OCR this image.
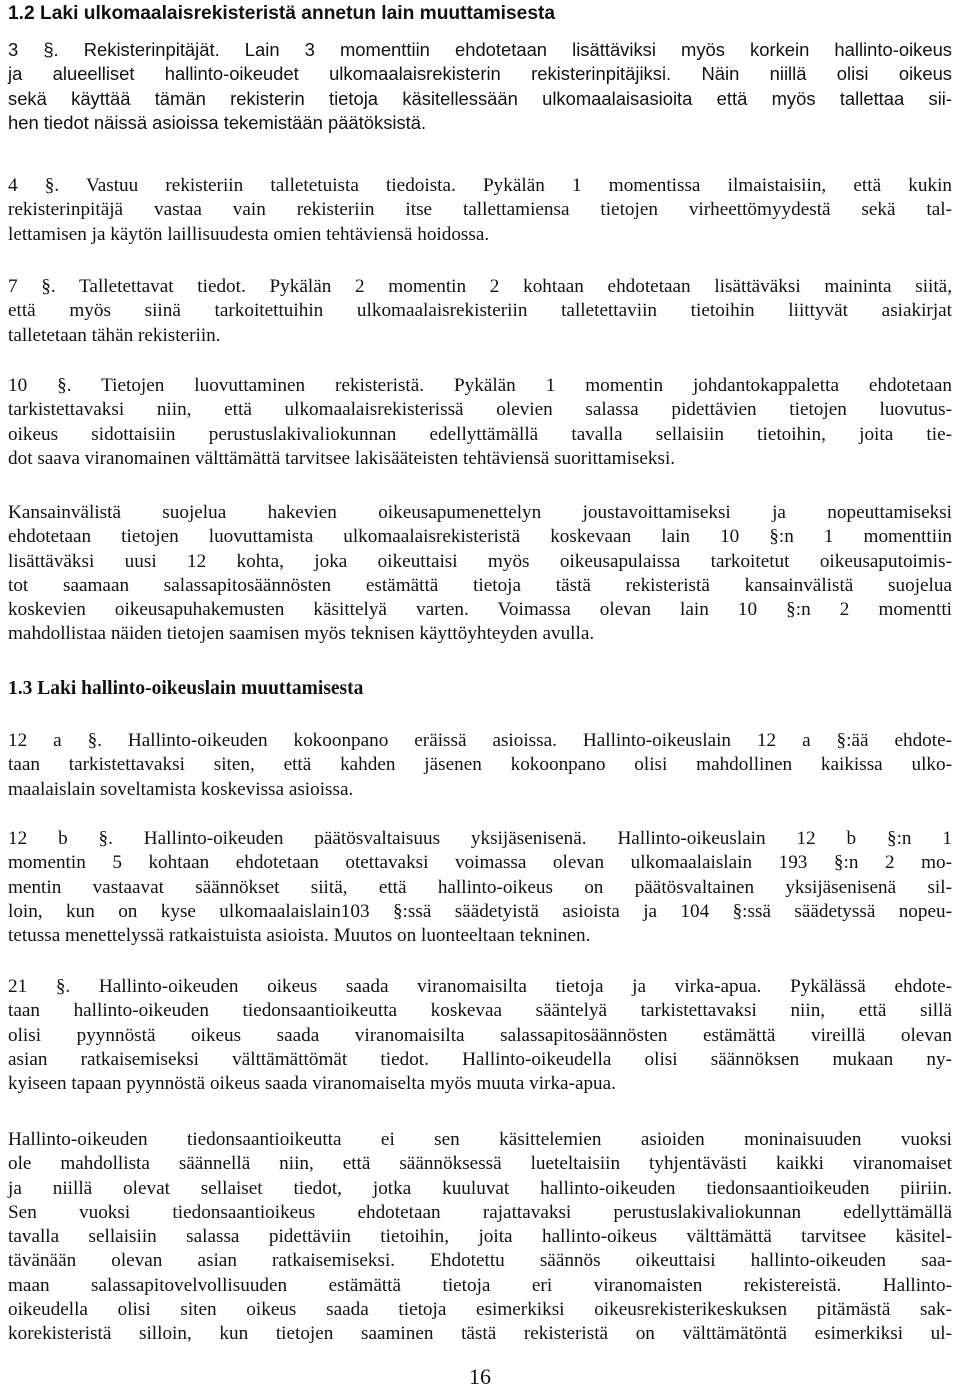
1.2 Laki ulkomaalaisrekisteristä annetun lain muuttamisesta

3 §. Rekisterinpitäjät. Lain 3 momenttiin ehdotetaan lisättäviksi myös korkein hallinto-oikeus
ja alueelliset hallinto-oikeudet ulkomaalaisrekisterin rekisterinpitäjiksi. Näin niillä olisi oikeus
sekä käyttää tämän rekisterin tietoja käsitellessään ulkomaalaisasioita että myös tallettaa sii-
hen tiedot näissä asioissa tekemistään päätöksistä.

4 §. Vastuu rekisteriin talletetuista tiedoista. Pykälän 1 momentissa ilmaistaisiin, että kukin
rekisterinpitäjä vastaa vain rekisteriin itse tallettamiensa tietojen virheettömyydestä sekä tal-
lettamisen ja käytön laillisuudesta omien tehtäviensä hoidossa.

7 §. Talletettavat tiedot. Pykälän 2 momentin 2 kohtaan ehdotetaan lisättäväksi maininta siitä,
että myös siinä tarkoitettuihin ulkomaalaisrekisteriin talletettaviin tietoihin liittyvät asiakirjat
talletetaan tähän rekisteriin.

10 §. Tietojen luovuttaminen rekisteristä. Pykälän 1 momentin johdantokappaletta ehdotetaan
tarkistettavaksi niin, että ulkomaalaisrekisterissä olevien salassa pidettävien tietojen luovutus-
oikeus sidottaisiin perustuslakivaliokunnan edellyttämällä tavalla sellaisiin tietoihin, joita tie-
dot saava viranomainen välttämättä tarvitsee lakisääteisten tehtäviensä suorittamiseksi.

Kansainvälistä suojelua hakevien oikeusapumenettelyn joustavoittamiseksi ja nopeuttamiseksi
ehdotetaan tietojen luovuttamista ulkomaalaisrekisteristä koskevaan lain 10 §:n 1 momenttiin
lisättäväksi uusi 12 kohta, joka oikeuttaisi myös oikeusapulaissa tarkoitetut oikeusaputoimis-
tot saamaan salassapitosäännösten estämättä tietoja tästä rekisteristä kansainvälistä suojelua
koskevien oikeusapuhakemusten käsittelyä varten. Voimassa olevan lain 10 §:n 2 momentti
mahdollistaa näiden tietojen saamisen myös teknisen käyttöyhteyden avulla.

1.3 Laki hallinto-oikeuslain muuttamisesta

12 a §. Hallinto-oikeuden kokoonpano eräissä asioissa. Hallinto-oikeuslain 12 a §:ää ehdote-
taan tarkistettavaksi siten, että kahden jäsenen kokoonpano olisi mahdollinen kaikissa ulko-
maalaislain soveltamista koskevissa asioissa.

12 b §. Hallinto-oikeuden päätösvaltaisuus yksijäsenisenä. Hallinto-oikeuslain 12 b §:n 1
momentin 5 kohtaan ehdotetaan otettavaksi voimassa olevan ulkomaalaislain 193 §:n 2 mo-
mentin vastaavat säännökset siitä, että hallinto-oikeus on päätösvaltainen yksijäsenisenä sil-
loin, kun on kyse ulkomaalaislain103 §:ssä säädetyistä asioista ja 104 §:ssä säädetyssä nopeu-
tetussa menettelyssä ratkaistuista asioista. Muutos on luonteeltaan tekninen.

21 §. Hallinto-oikeuden oikeus saada viranomaisilta tietoja ja virka-apua. Pykälässä ehdote-
taan hallinto-oikeuden tiedonsaantioikeutta koskevaa sääntelyä tarkistettavaksi niin, että sillä
olisi pyynnöstä oikeus saada viranomaisilta salassapitosäännösten estämättä vireillä olevan
asian ratkaisemiseksi välttämättömät tiedot. Hallinto-oikeudella olisi säännöksen mukaan ny-
kyiseen tapaan pyynnöstä oikeus saada viranomaiselta myös muuta virka-apua.

Hallinto-oikeuden tiedonsaantioikeutta ei sen käsittelemien asioiden moninaisuuden vuoksi
ole mahdollista säännellä niin, että säännöksessä lueteltaisiin tyhjentävästi kaikki viranomaiset
ja niillä olevat sellaiset tiedot, jotka kuuluvat hallinto-oikeuden tiedonsaantioikeuden piiriin.
Sen vuoksi tiedonsaantioikeus ehdotetaan rajattavaksi perustuslakivaliokunnan edellyttämällä
tavalla sellaisiin salassa pidettäviin tietoihin, joita hallinto-oikeus välttämättä tarvitsee käsitel-
tävänään olevan asian ratkaisemiseksi. Ehdotettu säännös oikeuttaisi hallinto-oikeuden saa-
maan salassapitovelvollisuuden estämättä tietoja eri viranomaisten rekistereistä. Hallinto-
oikeudella olisi siten oikeus saada tietoja esimerkiksi oikeusrekisterikeskuksen pitämästä sak-
korekisteristä silloin, kun tietojen saaminen tästä rekisteristä on välttämätöntä esimerkiksi ul-

16
